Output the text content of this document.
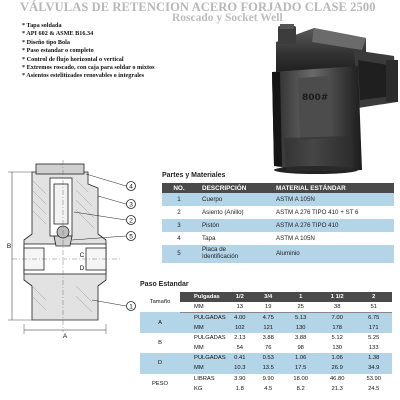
VÁLVULAS DE RETENCION ACERO FORJADO CLASE 2500
Roscado y Socket Well
* Tapa soldada
* API 602 & ASME B16.34
* Diseño tipo Bola
* Paso estandar o completo
* Control de flujo horizontal o vertical
* Extremos roscado, con caja para soldar o mixtos
* Asientos estelitizados renovables o integrales
800#
B
A
C
D
4
3
2
5
1
Partes y Materiales
NO.	DESCRIPCIÓN	MATERIAL ESTÁNDAR
1	Cuerpo	ASTM A 105N
2	Asiento (Anillo)	ASTM A 276 TIPO 410 + ST 6
3	Pistón	ASTM A 276 TIPO 410
4	Tapa	ASTM A 105N
5	Placa de
Identificación	Aluminio
Paso Estandar
Tamaño	Pulgadas	1/2	3/4	1	1 1/2	2
	MM	13	19	25	38	51
A	PULGADAS	4.00	4.75	5.13	7.00	6.75
	MM	102	121	130	178	171
B	PULGADAS	2.13	3.88	3.88	5.12	5.25
	MM	54	76	98	130	133
D	PULGADAS	0.41	0.53	1.06	1.06	1.38
	MM	10.3	13.5	17.5	26.9	34.9
PESO	LIBRAS	3.90	9.90	18.00	46.80	53.90
	KG	1.8	4.5	8.2	21.3	24.5
